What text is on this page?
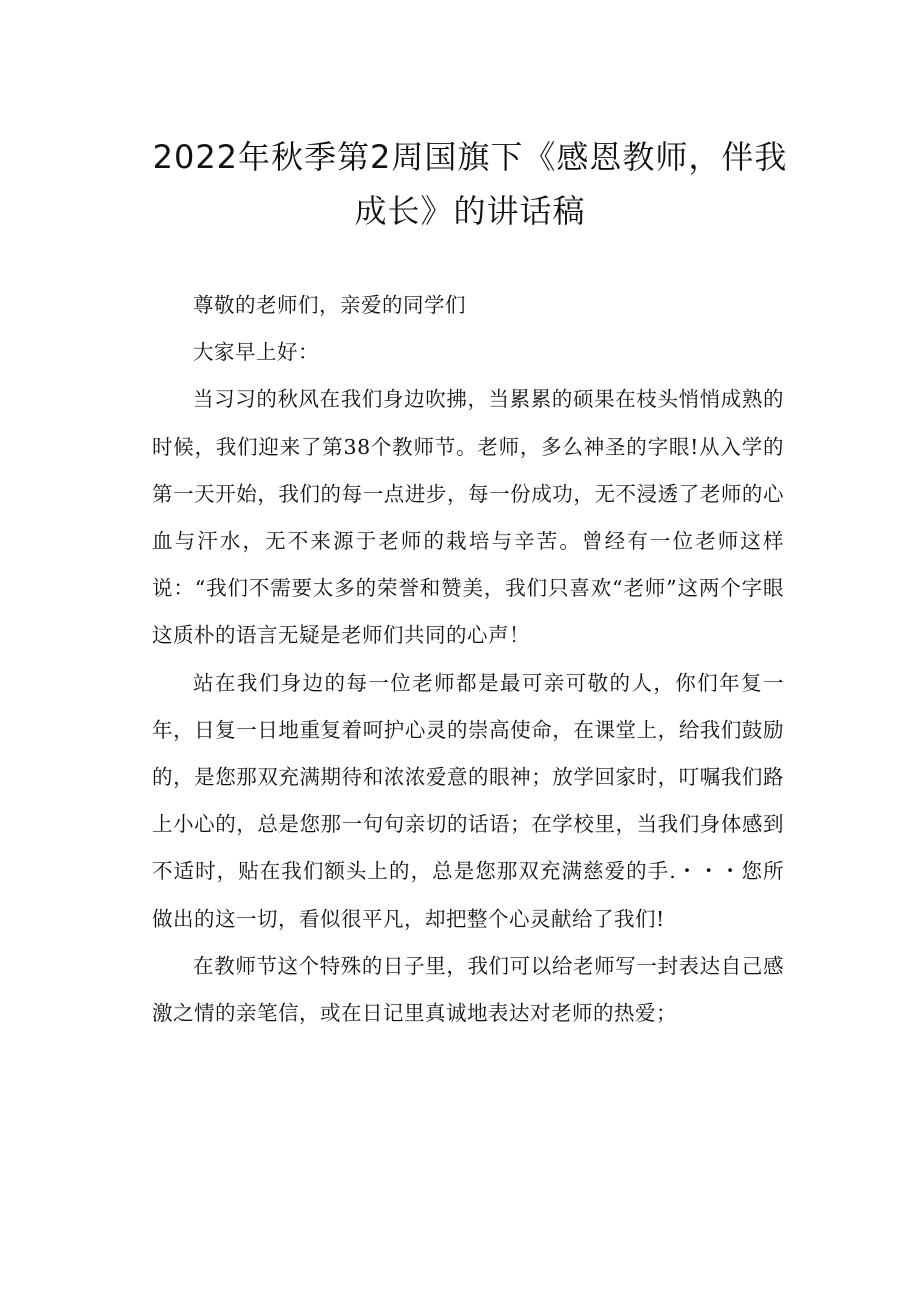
2022年秋季第2周国旗下《感恩教师，伴我成长》的讲话稿

尊敬的老师们，亲爱的同学们

大家早上好：

当习习的秋风在我们身边吹拂，当累累的硕果在枝头悄悄成熟的时候，我们迎来了第38个教师节。老师，多么神圣的字眼!从入学的第一天开始，我们的每一点进步，每一份成功，无不浸透了老师的心血与汗水，无不来源于老师的栽培与辛苦。曾经有一位老师这样说：“我们不需要太多的荣誉和赞美，我们只喜欢“老师”这两个字眼这质朴的语言无疑是老师们共同的心声！

站在我们身边的每一位老师都是最可亲可敬的人，你们年复一年，日复一日地重复着呵护心灵的崇高使命，在课堂上，给我们鼓励的，是您那双充满期待和浓浓爱意的眼神；放学回家时，叮嘱我们路上小心的，总是您那一句句亲切的话语；在学校里，当我们身体感到不适时，贴在我们额头上的，总是您那双充满慈爱的手.・・・您所做出的这一切，看似很平凡，却把整个心灵献给了我们!

在教师节这个特殊的日子里，我们可以给老师写一封表达自己感激之情的亲笔信，或在日记里真诚地表达对老师的热爱；
